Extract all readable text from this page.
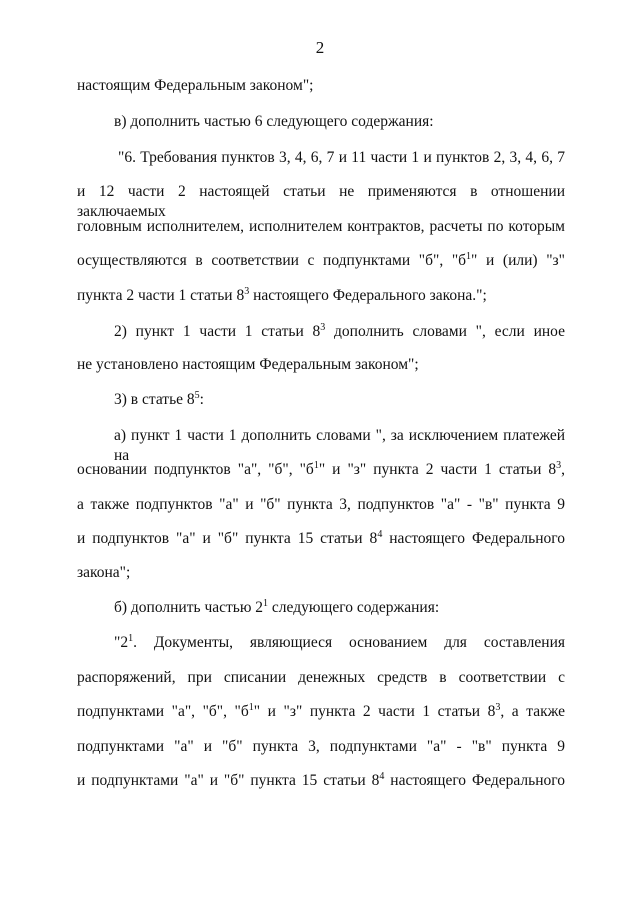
2
настоящим Федеральным законом";
в) дополнить частью 6 следующего содержания:
"6. Требования пунктов 3, 4, 6, 7 и 11 части 1 и пунктов 2, 3, 4, 6, 7
и 12 части 2 настоящей статьи не применяются в отношении заключаемых
головным исполнителем, исполнителем контрактов, расчеты по которым
осуществляются в соответствии с подпунктами "б", "$б^1$" и (или) "з"
пункта 2 части 1 статьи $8^3$ настоящего Федерального закона.";
2) пункт 1 части 1 статьи $8^3$ дополнить словами ", если иное
не установлено настоящим Федеральным законом";
3) в статье $8^5$:
а) пункт 1 части 1 дополнить словами ", за исключением платежей на
основании подпунктов "а", "б", "$б^1$" и "з" пункта 2 части 1 статьи $8^3$,
а также подпунктов "а" и "б" пункта 3, подпунктов "а" - "в" пункта 9
и подпунктов "а" и "б" пункта 15 статьи $8^4$ настоящего Федерального
закона";
б) дополнить частью $2^1$ следующего содержания:
"$2^1$. Документы, являющиеся основанием для составления
распоряжений, при списании денежных средств в соответствии с
подпунктами "а", "б", "$б^1$" и "з" пункта 2 части 1 статьи $8^3$, а также
подпунктами "а" и "б" пункта 3, подпунктами "а" - "в" пункта 9
и подпунктами "а" и "б" пункта 15 статьи $8^4$ настоящего Федерального
